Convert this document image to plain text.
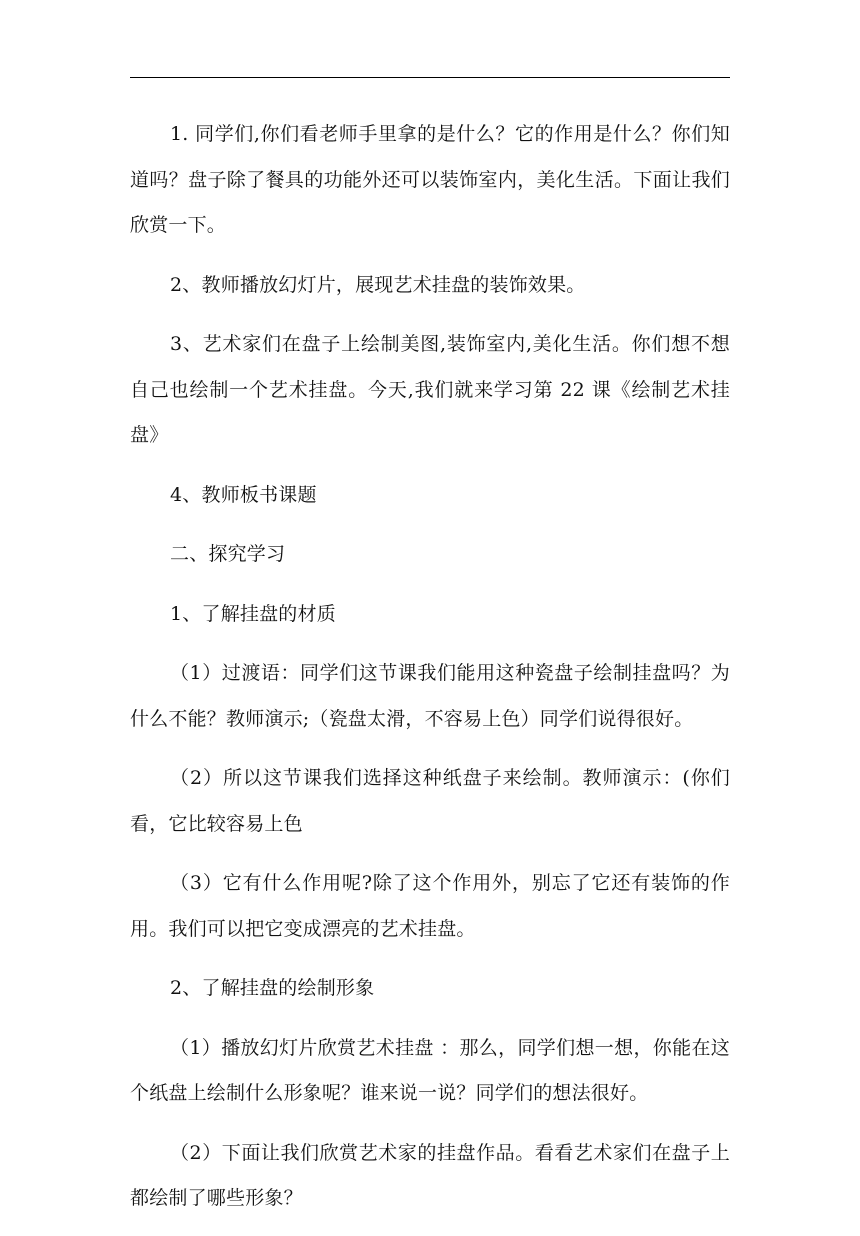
1. 同学们,你们看老师手里拿的是什么？它的作用是什么？你们知道吗？盘子除了餐具的功能外还可以装饰室内，美化生活。下面让我们欣赏一下。

2、教师播放幻灯片，展现艺术挂盘的装饰效果。

3、艺术家们在盘子上绘制美图,装饰室内,美化生活。你们想不想自己也绘制一个艺术挂盘。今天,我们就来学习第 22 课《绘制艺术挂盘》

4、教师板书课题

二、探究学习

1、了解挂盘的材质

（1）过渡语：同学们这节课我们能用这种瓷盘子绘制挂盘吗？为什么不能？教师演示;（瓷盘太滑，不容易上色）同学们说得很好。

（2）所以这节课我们选择这种纸盘子来绘制。教师演示：(你们看，它比较容易上色

（3）它有什么作用呢?除了这个作用外，别忘了它还有装饰的作用。我们可以把它变成漂亮的艺术挂盘。

2、了解挂盘的绘制形象

（1）播放幻灯片欣赏艺术挂盘 ：那么，同学们想一想，你能在这个纸盘上绘制什么形象呢？谁来说一说？同学们的想法很好。

（2）下面让我们欣赏艺术家的挂盘作品。看看艺术家们在盘子上都绘制了哪些形象？
